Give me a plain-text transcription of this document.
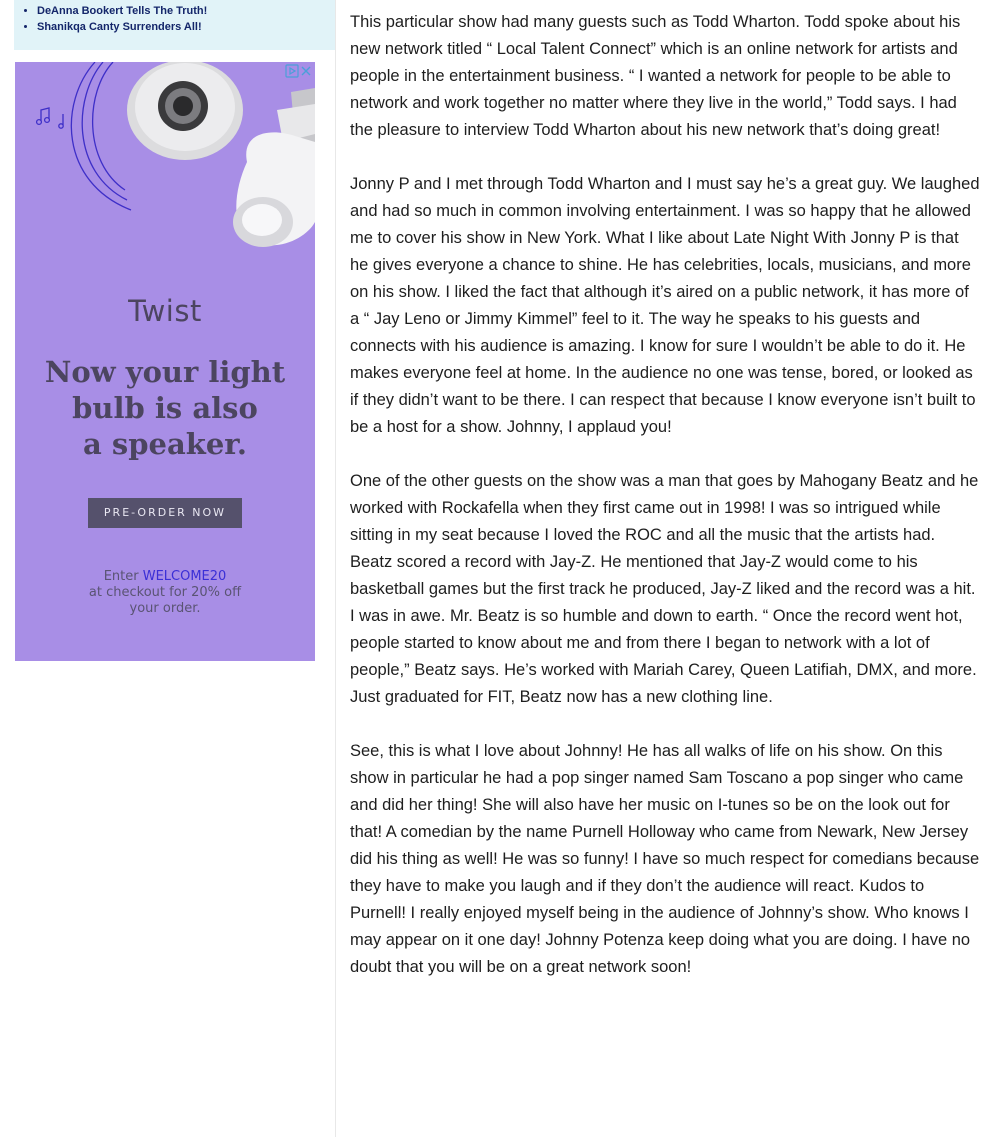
• DeAnna Bookert Tells The Truth!
• Shanikqa Canty Surrenders All!
Twist
Now your light
bulb is also
a speaker.
PRE-ORDER NOW
Enter WELCOME20
at checkout for 20% off
your order.

This particular show had many guests such as Todd Wharton. Todd spoke about his new network titled “ Local Talent Connect” which is an online network for artists and people in the entertainment business. “ I wanted a network for people to be able to network and work together no matter where they live in the world,” Todd says. I had the pleasure to interview Todd Wharton about his new network that’s doing great!

Jonny P and I met through Todd Wharton and I must say he’s a great guy. We laughed and had so much in common involving entertainment. I was so happy that he allowed me to cover his show in New York. What I like about Late Night With Jonny P is that he gives everyone a chance to shine. He has celebrities, locals, musicians, and more on his show. I liked the fact that although it’s aired on a public network, it has more of a “ Jay Leno or Jimmy Kimmel” feel to it. The way he speaks to his guests and connects with his audience is amazing. I know for sure I wouldn’t be able to do it. He makes everyone feel at home. In the audience no one was tense, bored, or looked as if they didn’t want to be there. I can respect that because I know everyone isn’t built to be a host for a show. Johnny, I applaud you!

One of the other guests on the show was a man that goes by Mahogany Beatz and he worked with Rockafella when they first came out in 1998! I was so intrigued while sitting in my seat because I loved the ROC and all the music that the artists had. Beatz scored a record with Jay-Z. He mentioned that Jay-Z would come to his basketball games but the first track he produced, Jay-Z liked and the record was a hit. I was in awe. Mr. Beatz is so humble and down to earth. “ Once the record went hot, people started to know about me and from there I began to network with a lot of people,” Beatz says. He’s worked with Mariah Carey, Queen Latifiah, DMX, and more. Just graduated for FIT, Beatz now has a new clothing line.

See, this is what I love about Johnny! He has all walks of life on his show. On this show in particular he had a pop singer named Sam Toscano a pop singer who came and did her thing! She will also have her music on I-tunes so be on the look out for that! A comedian by the name Purnell Holloway who came from Newark, New Jersey did his thing as well! He was so funny! I have so much respect for comedians because they have to make you laugh and if they don’t the audience will react. Kudos to Purnell! I really enjoyed myself being in the audience of Johnny’s show. Who knows I may appear on it one day! Johnny Potenza keep doing what you are doing. I have no doubt that you will be on a great network soon!
